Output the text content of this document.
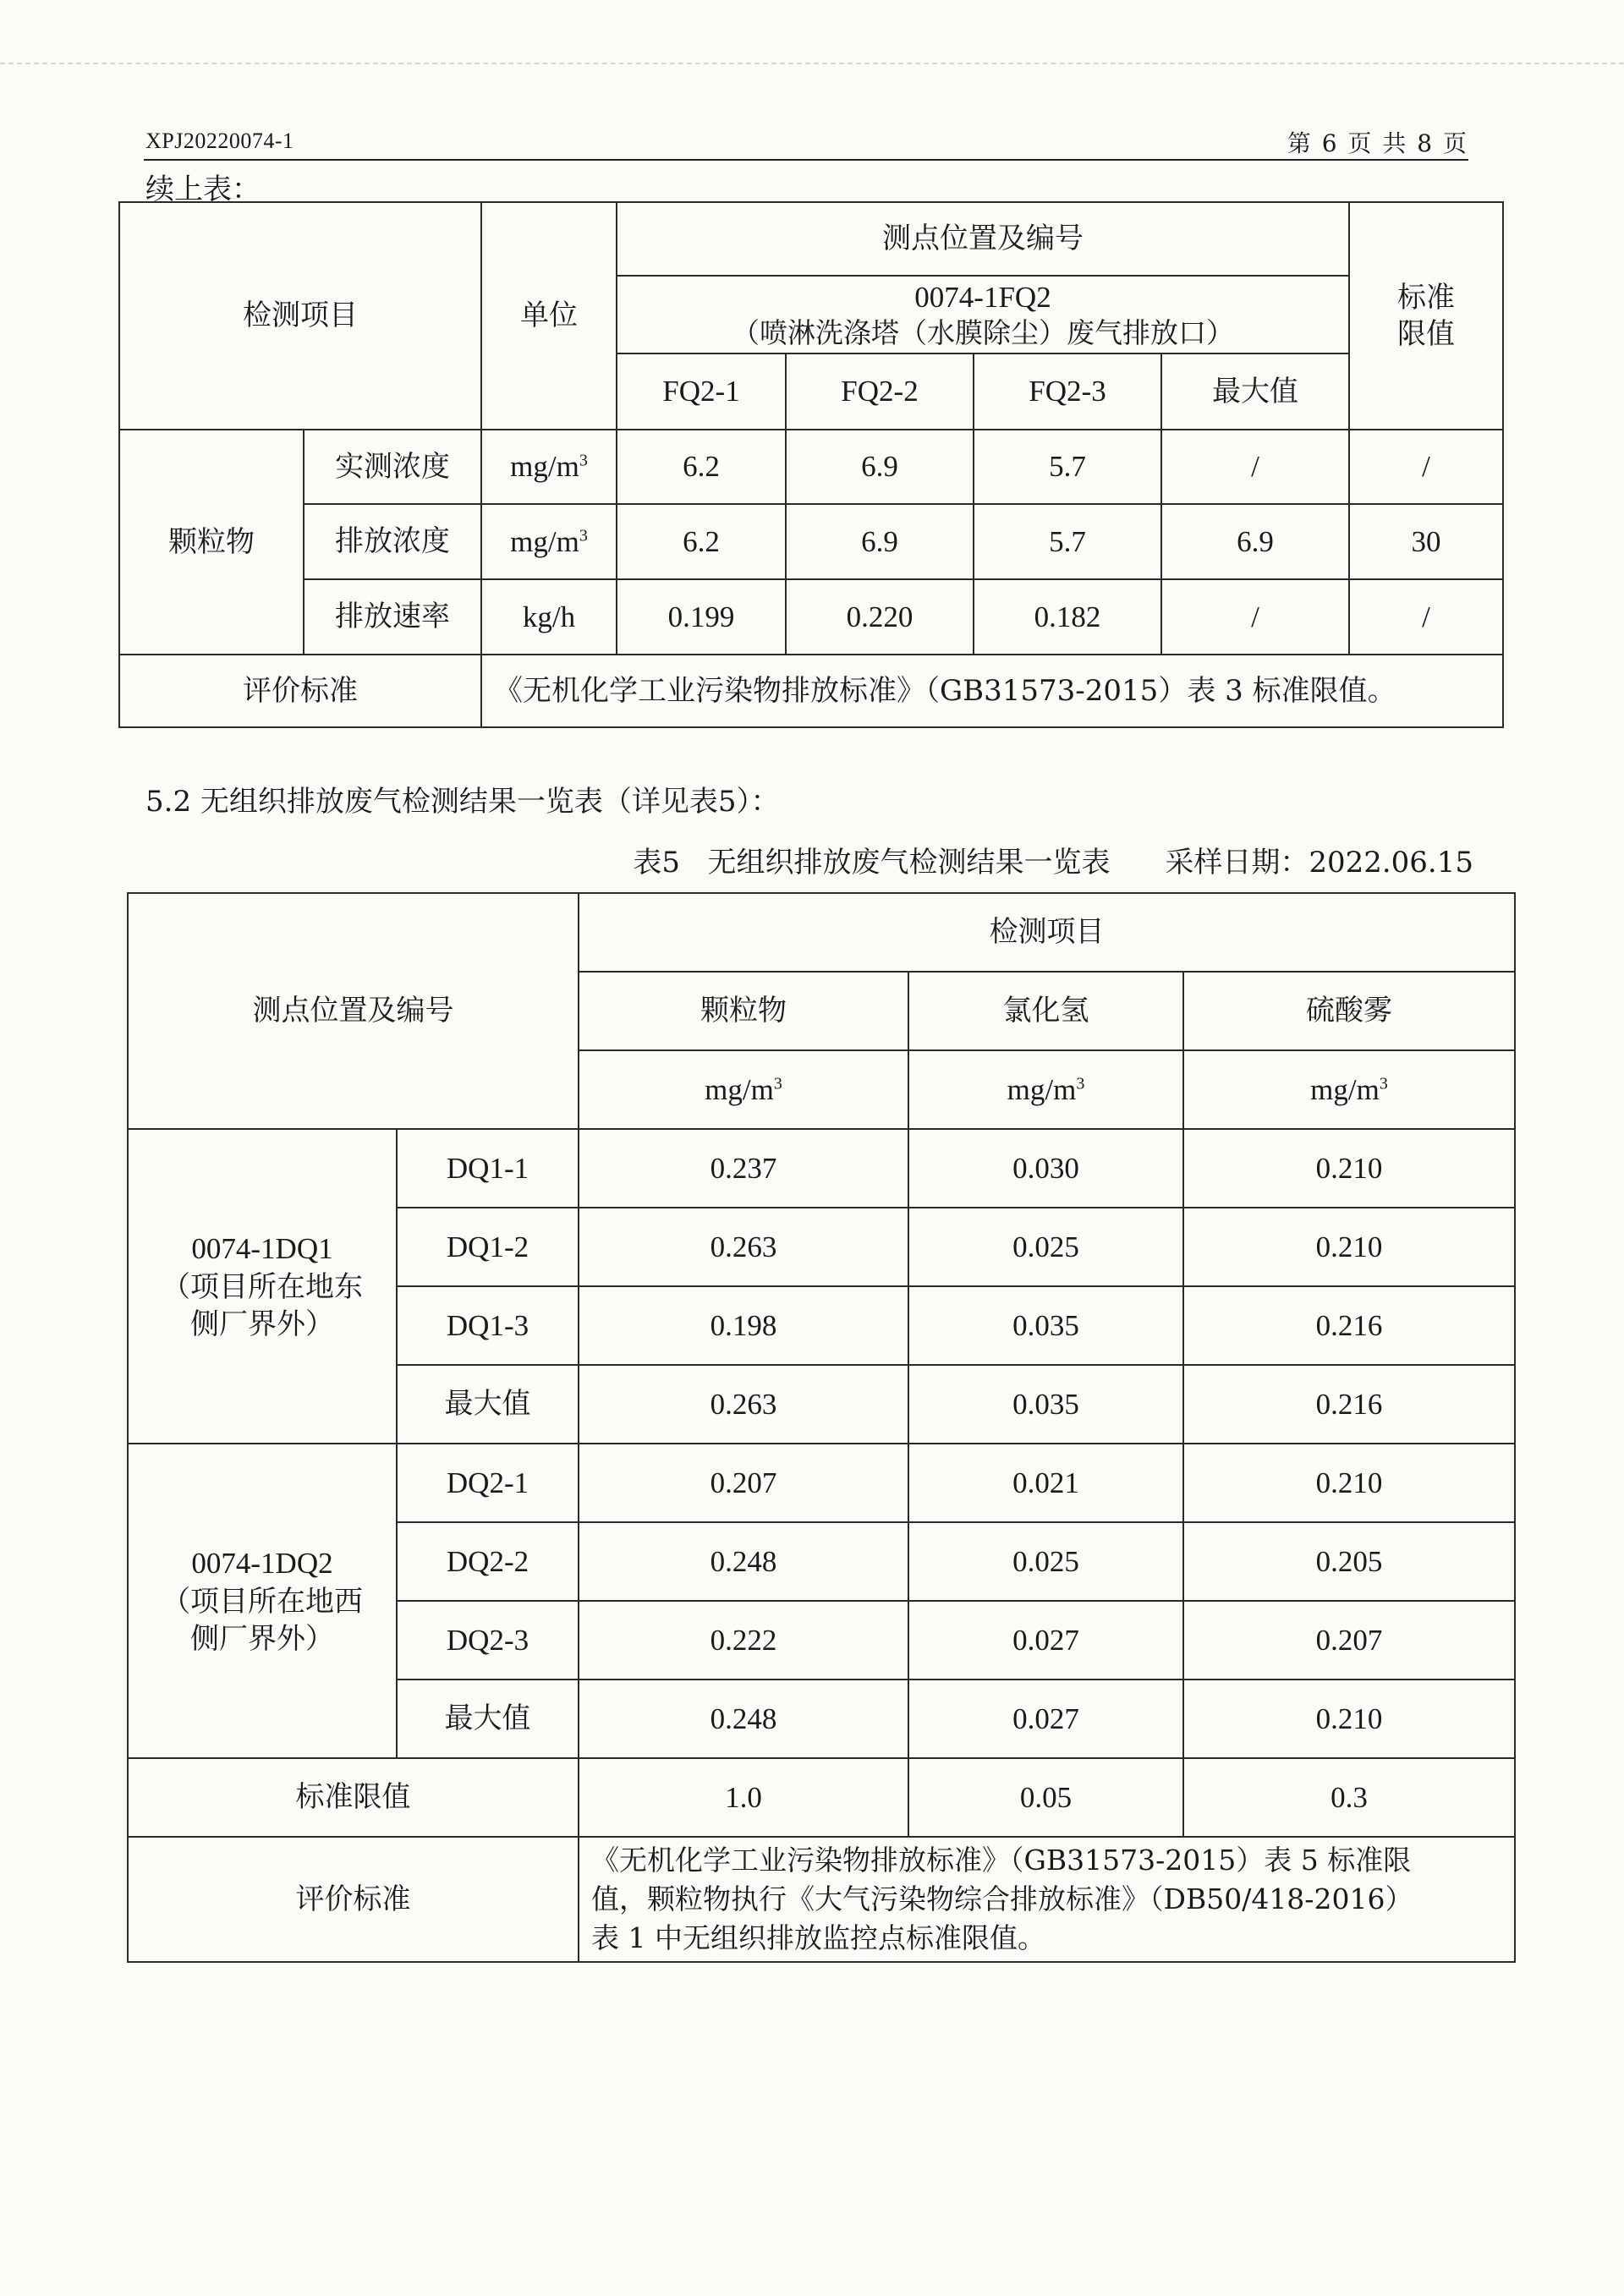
XPJ20220074-1	第 6 页 共 8 页
续上表：
检测项目		单位	测点位置及编号				标准限值

			0074-1FQ2
（喷淋洗涤塔（水膜除尘）废气排放口）				

			FQ2-1	FQ2-2	FQ2-3	最大值	
颗粒物	实测浓度	$mg/m^3$	6.2	6.9	5.7	/	/
	排放浓度	$mg/m^3$	6.2	6.9	5.7	6.9	30
	排放速率	kg/h	0.199	0.220	0.182	/	/
评价标准		《无机化学工业污染物排放标准》（GB31573-2015）表 3 标准限值。					
5.2 无组织排放废气检测结果一览表（详见表5）：
表5   无组织排放废气检测结果一览表      采样日期：2022.06.15
测点位置及编号		检测项目		
		颗粒物	氯化氢	硫酸雾
		$mg/m^3$	$mg/m^3$	$mg/m^3$

0074-1DQ1
（项目所在地东
侧厂界外）	DQ1-1	0.237	0.030	0.210
	DQ1-2	0.263	0.025	0.210
	DQ1-3	0.198	0.035	0.216
	最大值	0.263	0.035	0.216

0074-1DQ2
（项目所在地西
侧厂界外）	DQ2-1	0.207	0.021	0.210
	DQ2-2	0.248	0.025	0.205
	DQ2-3	0.222	0.027	0.207
	最大值	0.248	0.027	0.210
标准限值		1.0	0.05	0.3
评价标准		《无机化学工业污染物排放标准》（GB31573-2015）表 5 标准限
值，颗粒物执行《大气污染物综合排放标准》（DB50/418-2016）
表 1 中无组织排放监控点标准限值。		
